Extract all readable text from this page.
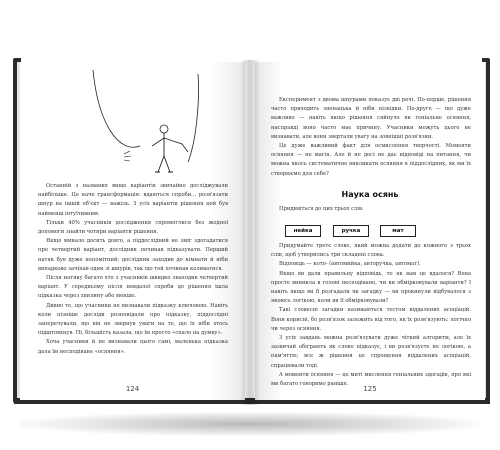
Останній з названих вище варіантів звичайно досліджували найбільше. Це наче трансформація: вдаються спроби... розв'язати шнур на іншій об'єкт — важіль. З усіх варіантів рішення цей був найменш інтуїтивним.

Тільки 40% учасників дослідження спромоглися без жодної допомоги знайти чотири варіанти рішення.

Якщо минало досить довго, а піддослідний не зміг здогадатися про четвертий варіант, дослідник починав підказувати. Перший натяк був дуже непомітний: дослідник заходив до кімнати й ніби випадково зачіпав один зі шнурів, так що той починав коливатися.

Після натяку багато хто з учасників швидко знаходив четвертий варіант. У середньому після невдалої спроби до рішення ішла підказка через хвилину або менше.

Дивно те, що учасники не визнавали підказку ключовою. Навіть коли пізніше досліди розповідали про підказку, піддослідні заперечували, що він не звернув уваги на те, що їх ніби хтось підштовхнув. Ні, більшість казала, що їм просто «спало на думку».

Хоча учасники й не визнавали цього самі, маленька підказка дала їм несподіване «осяяння».

124

Експеримент з двома шнурами показує дві речі. По-перше, рішення часто приходить зненацька й ніби нізвідки. По-друге — що дуже важливо — навіть якщо рішення сяйнуло як геніальне осяяння, насправді воно часто має причину. Учасники можуть цього не визнавати, але вони звертали увагу на зовнішні розв'язки.

Це дуже важливий факт для осмислення творчості. Моменти осяяння — не магія. Але й не досі не дає відповіді на питання, чи можна якось систематично викликати осяяння в піддослідних, як ми їх створюємо для себе?

Наука осянь
Придивіться до цих трьох слів.
нейка	ручка	мат

Придумайте третє слово, який можна додати до кожного з трьох слів, щоб утворились три складені слова.

Відповідь — кото- (автомийка, авторучка, автомат).

Якщо ви дали правильну відповідь, то як вам це вдалося? Вона просто виникла в голові несподівано, чи ви обмірковували варіанти? І навіть якщо ви її розгадали як загадку — ви прокинули відбувалося з якоюсь логікою, коли ви її обмірковували?

Такі словесні загадки називаються тестом віддалених асоціацій. Вони корисні, бо розв'язок залежить від того, як їх розв'язують: логічно чи через осяяння.

З усіх завдань можна розв'язувати дуже чіткий алгоритм, але їх зазвичай обіграють як слово підказує, і ви розв'язуєте не логікою, а пам'яттю; все ж рішення це спрощення віддалених асоціацій, спрацювали тоді.

А моменти осяяння — це миті мислення геніальних здогадів, про які ми багато говоримо раніше.

125
